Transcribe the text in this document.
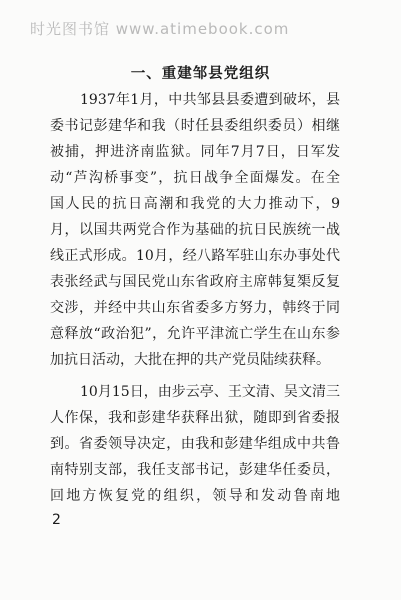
时光图书馆 www.atimebook.com
一、重建邹县党组织
1937年1月，中共邹县县委遭到破坏，县
委书记彭建华和我（时任县委组织委员）相继
被捕，押进济南监狱。同年7月7日，日军发
动“芦沟桥事变”，抗日战争全面爆发。在全
国人民的抗日高潮和我党的大力推动下，9
月，以国共两党合作为基础的抗日民族统一战
线正式形成。10月，经八路军驻山东办事处代
表张经武与国民党山东省政府主席韩复榘反复
交涉，并经中共山东省委多方努力，韩终于同
意释放“政治犯”，允许平津流亡学生在山东参
加抗日活动，大批在押的共产党员陆续获释。
10月15日，由步云亭、王文清、吴文清三
人作保，我和彭建华获释出狱，随即到省委报
到。省委领导决定，由我和彭建华组成中共鲁
南特别支部，我任支部书记，彭建华任委员，
回地方恢复党的组织，领导和发动鲁南地
2
